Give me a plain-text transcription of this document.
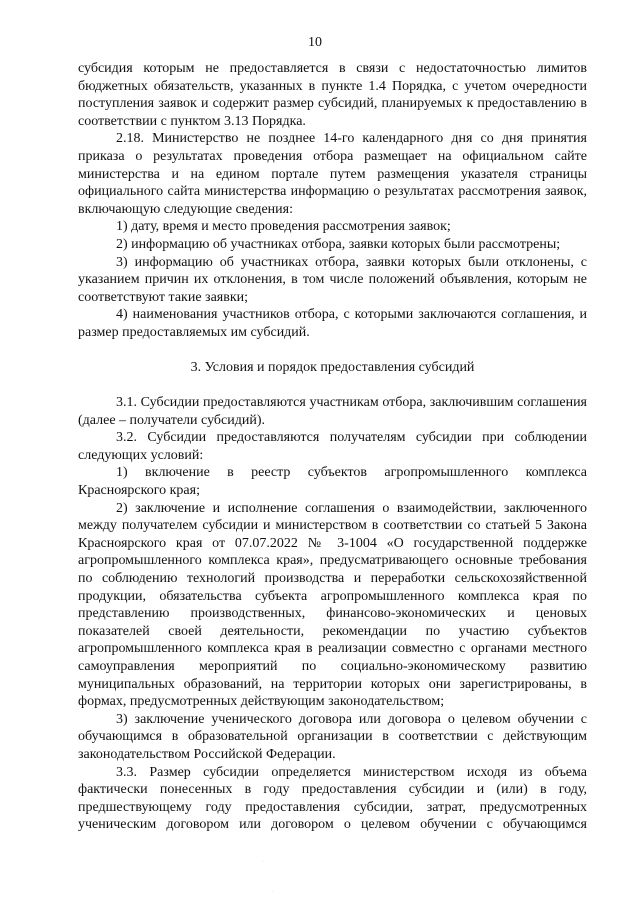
10

субсидия которым не предоставляется в связи с недостаточностью лимитов бюджетных обязательств, указанных в пункте 1.4 Порядка, с учетом очередности поступления заявок и содержит размер субсидий, планируемых к предоставлению в соответствии с пунктом 3.13 Порядка.

2.18. Министерство не позднее 14-го календарного дня со дня принятия приказа о результатах проведения отбора размещает на официальном сайте министерства и на едином портале путем размещения указателя страницы официального сайта министерства информацию о результатах рассмотрения заявок, включающую следующие сведения:

1) дату, время и место проведения рассмотрения заявок;

2) информацию об участниках отбора, заявки которых были рассмотрены;

3) информацию об участниках отбора, заявки которых были отклонены, с указанием причин их отклонения, в том числе положений объявления, которым не соответствуют такие заявки;

4) наименования участников отбора, с которыми заключаются соглашения, и размер предоставляемых им субсидий.

3. Условия и порядок предоставления субсидий

3.1. Субсидии предоставляются участникам отбора, заключившим соглашения (далее – получатели субсидий).

3.2. Субсидии предоставляются получателям субсидии при соблюдении следующих условий:

1) включение в реестр субъектов агропромышленного комплекса Красноярского края;

2) заключение и исполнение соглашения о взаимодействии, заключенного между получателем субсидии и министерством в соответствии со статьей 5 Закона Красноярского края от 07.07.2022 № 3-1004 «О государственной поддержке агропромышленного комплекса края», предусматривающего основные требования по соблюдению технологий производства и переработки сельскохозяйственной продукции, обязательства субъекта агропромышленного комплекса края по представлению производственных, финансово-экономических и ценовых показателей своей деятельности, рекомендации по участию субъектов агропромышленного комплекса края в реализации совместно с органами местного самоуправления мероприятий по социально-экономическому развитию муниципальных образований, на территории которых они зарегистрированы, в формах, предусмотренных действующим законодательством;

3) заключение ученического договора или договора о целевом обучении с обучающимся в образовательной организации в соответствии с действующим законодательством Российской Федерации.

3.3. Размер субсидии определяется министерством исходя из объема фактически понесенных в году предоставления субсидии и (или) в году, предшествующему году предоставления субсидии, затрат, предусмотренных ученическим договором или договором о целевом обучении с обучающимся

·
·
